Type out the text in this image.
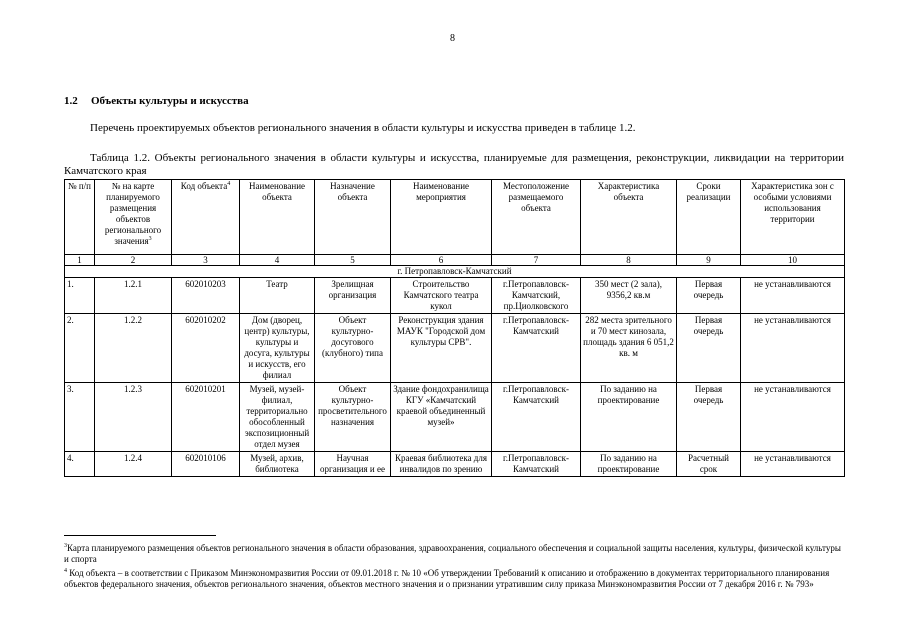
8
1.2 Объекты культуры и искусства
Перечень проектируемых объектов регионального значения в области культуры и искусства приведен в таблице 1.2.
Таблица 1.2. Объекты регионального значения в области культуры и искусства, планируемые для размещения, реконструкции, ликвидации на территории Камчатского края
№ п/п	№ на карте планируемого размещения объектов регионального значения$^3$	Код объекта$^4$	Наименование объекта	Назначение объекта	Наименование мероприятия	Местоположение размещаемого объекта	Характеристика объекта	Сроки реализации	Характеристика зон с особыми условиями использования территории
1	2	3	4	5	6	7	8	9	10
г. Петропавловск-Камчатский									
1.	1.2.1	602010203	Театр	Зрелищная организация	Строительство Камчатского театра кукол	г.Петропавловск-Камчатский, пр.Циолковского	350 мест (2 зала), 9356,2 кв.м	Первая очередь	не устанавливаются
2.	1.2.2	602010202	Дом (дворец, центр) культуры, культуры и досуга, культуры и искусств, его филиал	Объект культурно-досугового (клубного) типа	Реконструкция здания МАУК "Городской дом культуры СРВ".	г.Петропавловск-Камчатский	282 места зрительного и 70 мест кинозала, площадь здания 6 051,2 кв. м	Первая очередь	не устанавливаются
3.	1.2.3	602010201	Музей, музей-филиал, территориально обособленный экспозиционный отдел музея	Объект культурно-просветительного назначения	Здание фондохранилища КГУ «Камчатский краевой объединенный музей»	г.Петропавловск-Камчатский	По заданию на проектирование	Первая очередь	не устанавливаются
4.	1.2.4	602010106	Музей, архив, библиотека	Научная организация и ее	Краевая библиотека для инвалидов по зрению	г.Петропавловск-Камчатский	По заданию на проектирование	Расчетный срок	не устанавливаются

$^3$Карта планируемого размещения объектов регионального значения в области образования, здравоохранения, социального обеспечения и социальной защиты населения, культуры, физической культуры и спорта

$^4$ Код объекта – в соответствии с Приказом Минэкономразвития России от 09.01.2018 г. № 10 «Об утверждении Требований к описанию и отображению в документах территориального планирования объектов федерального значения, объектов регионального значения, объектов местного значения и о признании утратившим силу приказа Минэкономразвития России от 7 декабря 2016 г. № 793»
